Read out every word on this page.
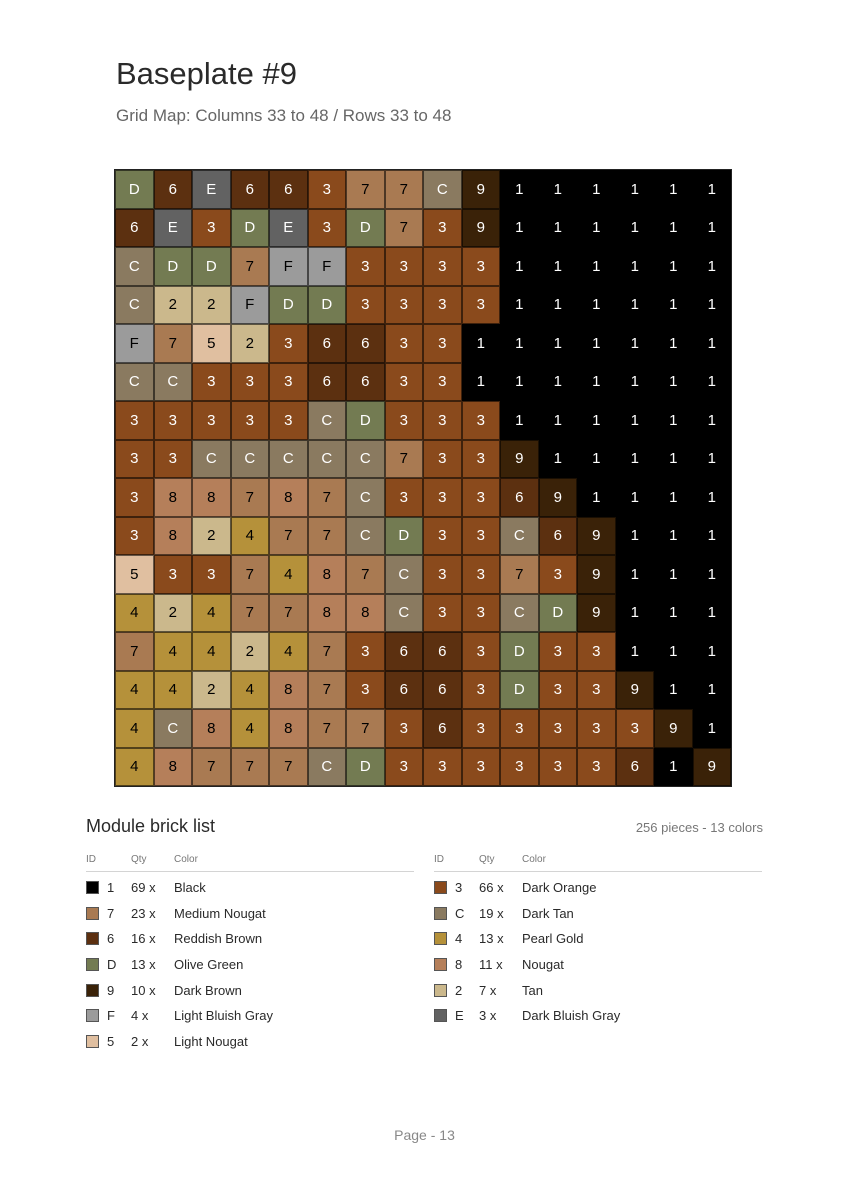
Baseplate #9
Grid Map: Columns 33 to 48 / Rows 33 to 48
D	6	E	6	6	3	7	7	C	9	1	1	1	1	1	1
6	E	3	D	E	3	D	7	3	9	1	1	1	1	1	1
C	D	D	7	F	F	3	3	3	3	1	1	1	1	1	1
C	2	2	F	D	D	3	3	3	3	1	1	1	1	1	1
F	7	5	2	3	6	6	3	3	1	1	1	1	1	1	1
C	C	3	3	3	6	6	3	3	1	1	1	1	1	1	1
3	3	3	3	3	C	D	3	3	3	1	1	1	1	1	1
3	3	C	C	C	C	C	7	3	3	9	1	1	1	1	1
3	8	8	7	8	7	C	3	3	3	6	9	1	1	1	1
3	8	2	4	7	7	C	D	3	3	C	6	9	1	1	1
5	3	3	7	4	8	7	C	3	3	7	3	9	1	1	1
4	2	4	7	7	8	8	C	3	3	C	D	9	1	1	1
7	4	4	2	4	7	3	6	6	3	D	3	3	1	1	1
4	4	2	4	8	7	3	6	6	3	D	3	3	9	1	1
4	C	8	4	8	7	7	3	6	3	3	3	3	3	9	1
4	8	7	7	7	C	D	3	3	3	3	3	3	6	1	9
Module brick list	256 pieces - 13 colors
ID	Qty	Color
1 69 x Black
7 23 x Medium Nougat
6 16 x Reddish Brown
D 13 x Olive Green
9 10 x Dark Brown
F 4 x Light Bluish Gray
5 2 x Light Nougat
ID	Qty	Color
3 66 x Dark Orange
C 19 x Dark Tan
4 13 x Pearl Gold
8 11 x Nougat
2 7 x Tan
E 3 x Dark Bluish Gray
Page - 13
